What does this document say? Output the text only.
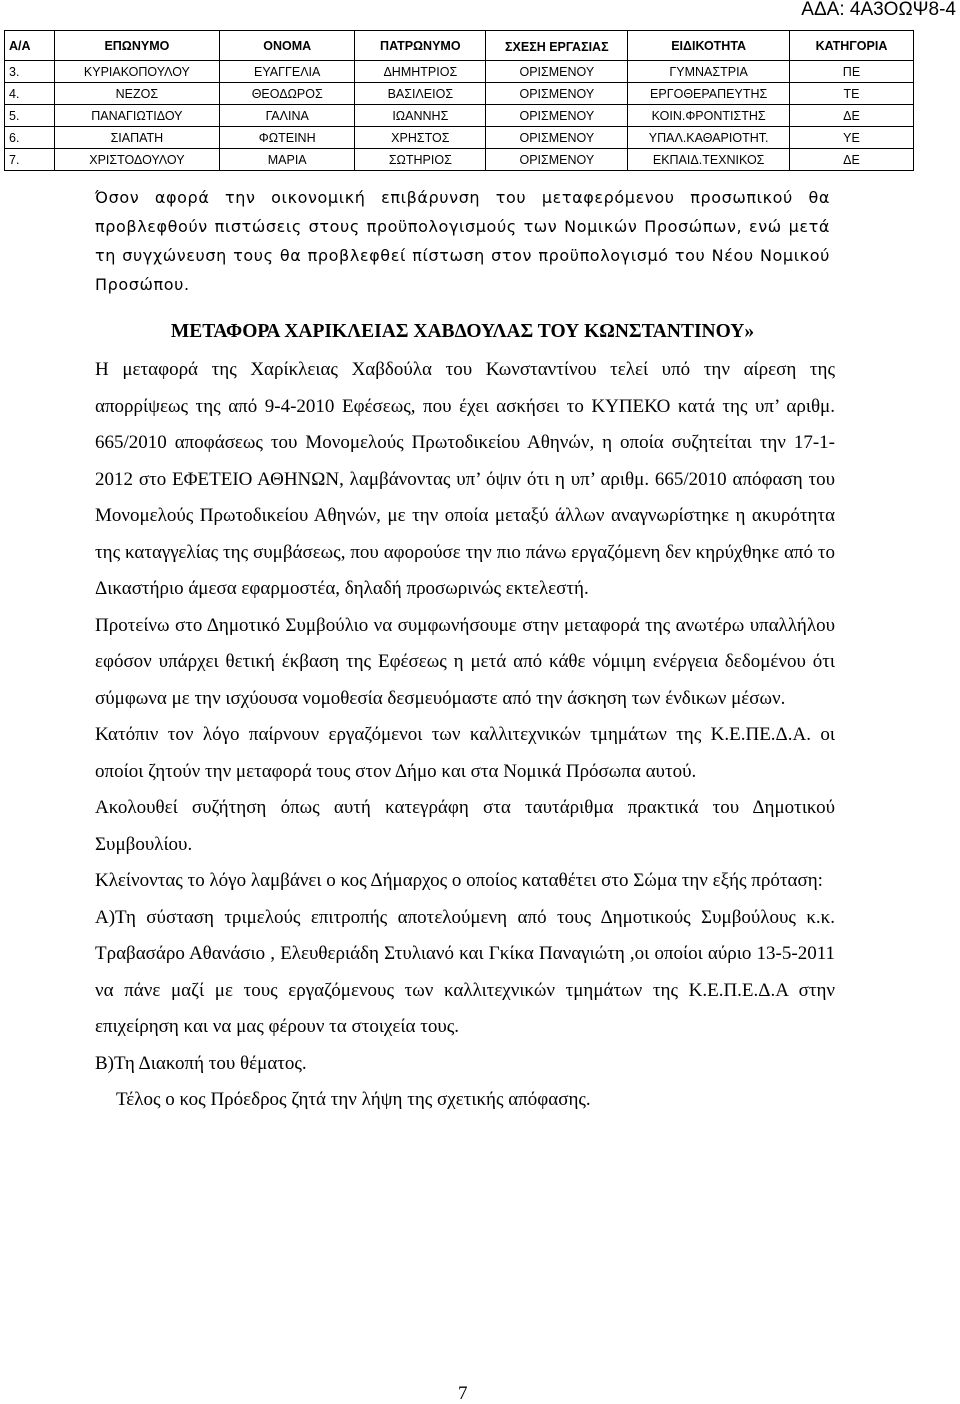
ΑΔΑ: 4Α3ΟΩΨ8-4
Α/Α	ΕΠΩΝΥΜΟ	ΟΝΟΜΑ	ΠΑΤΡΩΝΥΜΟ	ΣΧΕΣΗ ΕΡΓΑΣΙΑΣ	ΕΙΔΙΚΟΤΗΤΑ	ΚΑΤΗΓΟΡΙΑ
3.	ΚΥΡΙΑΚΟΠΟΥΛΟΥ	ΕΥΑΓΓΕΛΙΑ	ΔΗΜΗΤΡΙΟΣ	ΟΡΙΣΜΕΝΟΥ	ΓΥΜΝΑΣΤΡΙΑ	ΠΕ
4.	ΝΕΖΟΣ	ΘΕΟΔΩΡΟΣ	ΒΑΣΙΛΕΙΟΣ	ΟΡΙΣΜΕΝΟΥ	ΕΡΓΟΘΕΡΑΠΕΥΤΗΣ	ΤΕ
5.	ΠΑΝΑΓΙΩΤΙΔΟΥ	ΓΑΛΙΝΑ	ΙΩΑΝΝΗΣ	ΟΡΙΣΜΕΝΟΥ	ΚΟΙΝ.ΦΡΟΝΤΙΣΤΗΣ	ΔΕ
6.	ΣΙΑΠΑΤΗ	ΦΩΤΕΙΝΗ	ΧΡΗΣΤΟΣ	ΟΡΙΣΜΕΝΟΥ	ΥΠΑΛ.ΚΑΘΑΡΙΟΤΗΤ.	ΥΕ
7.	ΧΡΙΣΤΟΔΟΥΛΟΥ	ΜΑΡΙΑ	ΣΩΤΗΡΙΟΣ	ΟΡΙΣΜΕΝΟΥ	ΕΚΠΑΙΔ.ΤΕΧΝΙΚΟΣ	ΔΕ

Όσον αφορά την οικονομική επιβάρυνση του μεταφερόμενου προσωπικού θα προβλεφθούν πιστώσεις στους προϋπολογισμούς των Νομικών Προσώπων, ενώ μετά τη συγχώνευση τους θα προβλεφθεί πίστωση στον προϋπολογισμό του Νέου Νομικού Προσώπου.

ΜΕΤΑΦΟΡΑ ΧΑΡΙΚΛΕΙΑΣ ΧΑΒΔΟΥΛΑΣ ΤΟΥ ΚΩΝΣΤΑΝΤΙΝΟΥ»

Η μεταφορά της Χαρίκλειας Χαβδούλα του Κωνσταντίνου τελεί υπό την αίρεση της απορρίψεως της από 9-4-2010 Εφέσεως, που έχει ασκήσει το ΚΥΠΕΚΟ κατά της υπ’ αριθμ. 665/2010 αποφάσεως του Μονομελούς Πρωτοδικείου Αθηνών, η οποία συζητείται την 17-1-2012 στο ΕΦΕΤΕΙΟ ΑΘΗΝΩΝ, λαμβάνοντας υπ’ όψιν ότι η υπ’ αριθμ. 665/2010 απόφαση του Μονομελούς Πρωτοδικείου Αθηνών, με την οποία μεταξύ άλλων αναγνωρίστηκε η ακυρότητα της καταγγελίας της συμβάσεως, που αφορούσε την πιο πάνω εργαζόμενη δεν κηρύχθηκε από το Δικαστήριο άμεσα εφαρμοστέα, δηλαδή προσωρινώς εκτελεστή.

Προτείνω στο Δημοτικό Συμβούλιο να συμφωνήσουμε στην μεταφορά της ανωτέρω υπαλλήλου εφόσον υπάρχει θετική έκβαση της Εφέσεως η μετά από κάθε νόμιμη ενέργεια δεδομένου ότι σύμφωνα με την ισχύουσα νομοθεσία δεσμευόμαστε από την άσκηση των ένδικων μέσων.

Κατόπιν τον λόγο παίρνουν εργαζόμενοι των καλλιτεχνικών τμημάτων της Κ.Ε.ΠΕ.Δ.Α. οι οποίοι ζητούν την μεταφορά τους στον Δήμο και στα Νομικά Πρόσωπα αυτού.

Ακολουθεί συζήτηση όπως αυτή κατεγράφη στα ταυτάριθμα πρακτικά του Δημοτικού Συμβουλίου.

Κλείνοντας το λόγο λαμβάνει ο κος Δήμαρχος ο οποίος καταθέτει στο Σώμα την εξής πρόταση:

Α)Τη σύσταση τριμελούς επιτροπής αποτελούμενη από τους Δημοτικούς Συμβούλους κ.κ. Τραβασάρο Αθανάσιο , Ελευθεριάδη Στυλιανό και Γκίκα Παναγιώτη ,οι οποίοι αύριο 13-5-2011 να πάνε μαζί με τους εργαζόμενους των καλλιτεχνικών τμημάτων της Κ.Ε.Π.Ε.Δ.Α στην επιχείρηση και να μας φέρουν τα στοιχεία τους.

Β)Τη Διακοπή του θέματος.

Τέλος ο κος Πρόεδρος ζητά την λήψη της σχετικής απόφασης.

7
